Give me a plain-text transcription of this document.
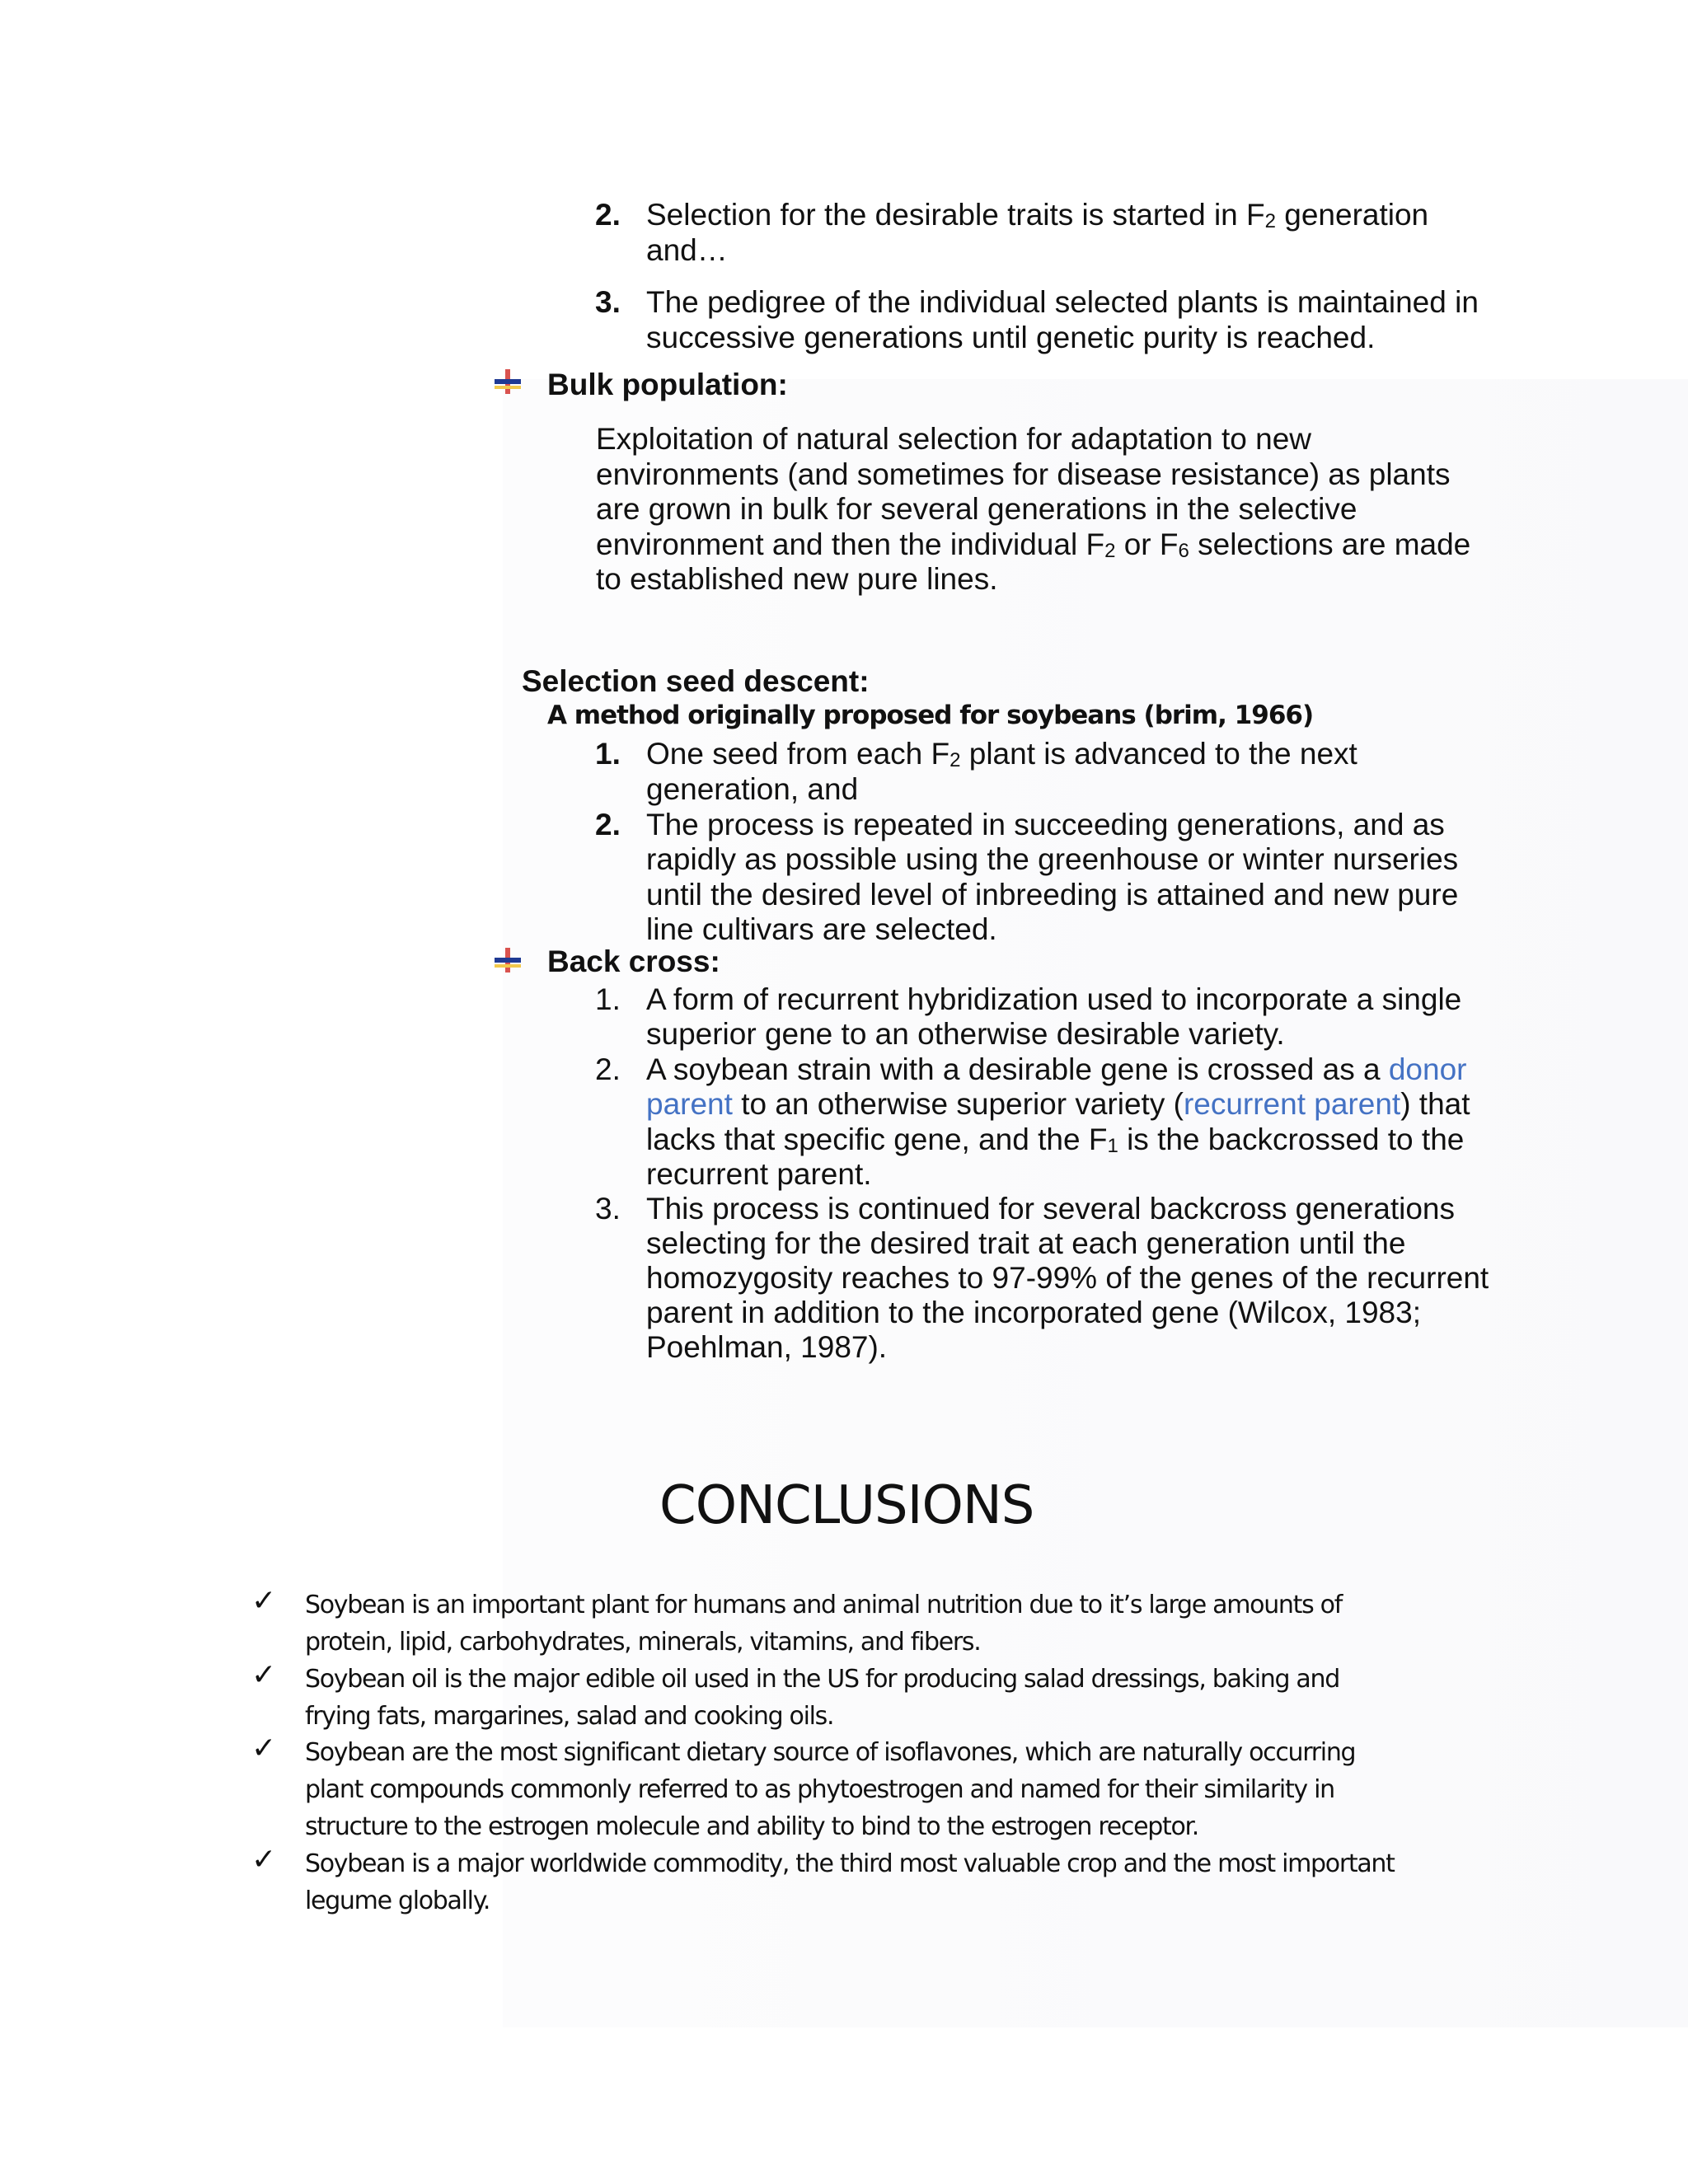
2. Selection for the desirable traits is started in F2 generation
and…
3. The pedigree of the individual selected plants is maintained in
successive generations until genetic purity is reached.
Bulk population:
Exploitation of natural selection for adaptation to new
environments (and sometimes for disease resistance) as plants
are grown in bulk for several generations in the selective
environment and then the individual F2 or F6 selections are made
to established new pure lines.
Selection seed descent:
A method originally proposed for soybeans (brim, 1966)
1. One seed from each F2 plant is advanced to the next
generation, and
2. The process is repeated in succeeding generations, and as
rapidly as possible using the greenhouse or winter nurseries
until the desired level of inbreeding is attained and new pure
line cultivars are selected.
Back cross:
1. A form of recurrent hybridization used to incorporate a single
superior gene to an otherwise desirable variety.
2. A soybean strain with a desirable gene is crossed as a donor
parent to an otherwise superior variety (recurrent parent) that
lacks that specific gene, and the F1 is the backcrossed to the
recurrent parent.
3. This process is continued for several backcross generations
selecting for the desired trait at each generation until the
homozygosity reaches to 97-99% of the genes of the recurrent
parent in addition to the incorporated gene (Wilcox, 1983;
Poehlman, 1987).
CONCLUSIONS
✓ Soybean is an important plant for humans and animal nutrition due to it’s large amounts of
protein, lipid, carbohydrates, minerals, vitamins, and fibers.
✓ Soybean oil is the major edible oil used in the US for producing salad dressings, baking and
frying fats, margarines, salad and cooking oils.
✓ Soybean are the most significant dietary source of isoflavones, which are naturally occurring
plant compounds commonly referred to as phytoestrogen and named for their similarity in
structure to the estrogen molecule and ability to bind to the estrogen receptor.
✓ Soybean is a major worldwide commodity, the third most valuable crop and the most important
legume globally.
